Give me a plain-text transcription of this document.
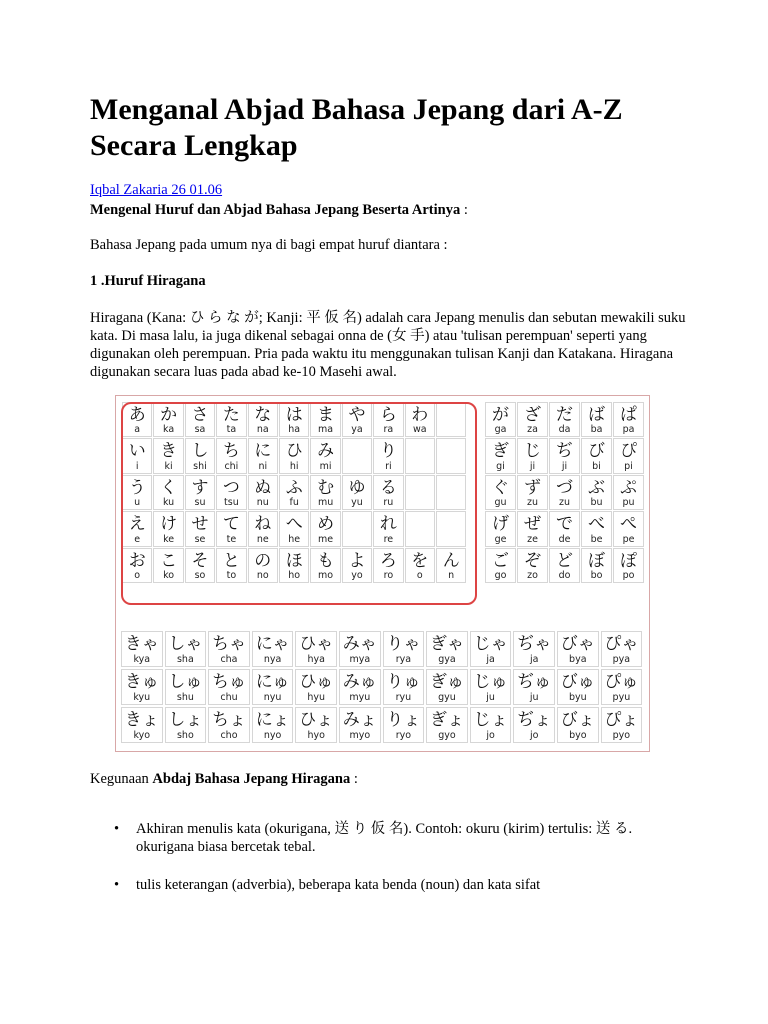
Menganal Abjad Bahasa Jepang dari A-Z Secara Lengkap
Iqbal Zakaria 26 01.06

Mengenal Huruf dan Abjad Bahasa Jepang Beserta Artinya :

Bahasa Jepang pada umum nya di bagi empat huruf diantara :

1 .Huruf Hiragana

Hiragana (Kana: ひ ら な が; Kanji: 平 仮 名) adalah cara Jepang menulis dan sebutan mewakili suku kata. Di masa lalu, ia juga dikenal sebagai onna de (女 手) atau 'tulisan perempuan' seperti yang digunakan oleh perempuan. Pria pada waktu itu menggunakan tulisan Kanji dan Katakana. Hiragana digunakan secara luas pada abad ke-10 Masehi awal.

あ
a
か
ka
さ
sa
た
ta
な
na
は
ha
ま
ma
や
ya
ら
ra
わ
wa
い
i
き
ki
し
shi
ち
chi
に
ni
ひ
hi
み
mi
り
ri
う
u
く
ku
す
su
つ
tsu
ぬ
nu
ふ
fu
む
mu
ゆ
yu
る
ru
え
e
け
ke
せ
se
て
te
ね
ne
へ
he
め
me
れ
re
お
o
こ
ko
そ
so
と
to
の
no
ほ
ho
も
mo
よ
yo
ろ
ro
を
o
ん
n
が
ga
ざ
za
だ
da
ば
ba
ぱ
pa
ぎ
gi
じ
ji
ぢ
ji
び
bi
ぴ
pi
ぐ
gu
ず
zu
づ
zu
ぶ
bu
ぷ
pu
げ
ge
ぜ
ze
で
de
べ
be
ぺ
pe
ご
go
ぞ
zo
ど
do
ぼ
bo
ぽ
po
きゃ
kya
しゃ
sha
ちゃ
cha
にゃ
nya
ひゃ
hya
みゃ
mya
りゃ
rya
ぎゃ
gya
じゃ
ja
ぢゃ
ja
びゃ
bya
ぴゃ
pya
きゅ
kyu
しゅ
shu
ちゅ
chu
にゅ
nyu
ひゅ
hyu
みゅ
myu
りゅ
ryu
ぎゅ
gyu
じゅ
ju
ぢゅ
ju
びゅ
byu
ぴゅ
pyu
きょ
kyo
しょ
sho
ちょ
cho
にょ
nyo
ひょ
hyo
みょ
myo
りょ
ryo
ぎょ
gyo
じょ
jo
ぢょ
jo
びょ
byo
ぴょ
pyo

Kegunaan Abdaj Bahasa Jepang Hiragana :

• Akhiran menulis kata (okurigana, 送 り 仮 名). Contoh: okuru (kirim) tertulis: 送 る. okurigana biasa bercetak tebal.
• tulis keterangan (adverbia), beberapa kata benda (noun) dan kata sifat
